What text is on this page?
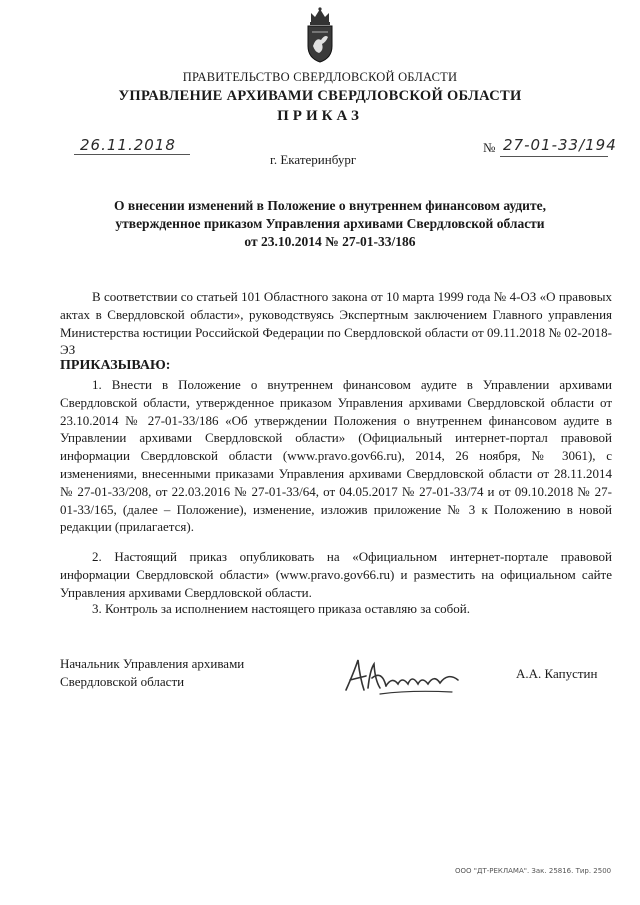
ПРАВИТЕЛЬСТВО СВЕРДЛОВСКОЙ ОБЛАСТИ
УПРАВЛЕНИЕ АРХИВАМИ СВЕРДЛОВСКОЙ ОБЛАСТИ
ПРИКАЗ
26.11.2018	№ 27-01-33/194
г. Екатеринбург
О внесении изменений в Положение о внутреннем финансовом аудите,
утвержденное приказом Управления архивами Свердловской области
от 23.10.2014 № 27-01-33/186

В соответствии со статьей 101 Областного закона от 10 марта 1999 года № 4-ОЗ «О правовых актах в Свердловской области», руководствуясь Экспертным заключением Главного управления Министерства юстиции Российской Федерации по Свердловской области от 09.11.2018 № 02-2018-ЭЗ

ПРИКАЗЫВАЮ:

1. Внести в Положение о внутреннем финансовом аудите в Управлении архивами Свердловской области, утвержденное приказом Управления архивами Свердловской области от 23.10.2014 № 27-01-33/186 «Об утверждении Положения о внутреннем финансовом аудите в Управлении архивами Свердловской области» (Официальный интернет-портал правовой информации Свердловской области (www.pravo.gov66.ru), 2014, 26 ноября, № 3061), с изменениями, внесенными приказами Управления архивами Свердловской области от 28.11.2014 № 27-01-33/208, от 22.03.2016 № 27-01-33/64, от 04.05.2017 № 27-01-33/74 и от 09.10.2018 № 27-01-33/165, (далее – Положение), изменение, изложив приложение № 3 к Положению в новой редакции (прилагается).

2. Настоящий приказ опубликовать на «Официальном интернет-портале правовой информации Свердловской области» (www.pravo.gov66.ru) и разместить на официальном сайте Управления архивами Свердловской области.

3. Контроль за исполнением настоящего приказа оставляю за собой.

Начальник Управления архивами
Свердловской области
А.А. Капустин
ООО "ДТ-РЕКЛАМА". Зак. 25816. Тир. 2500
